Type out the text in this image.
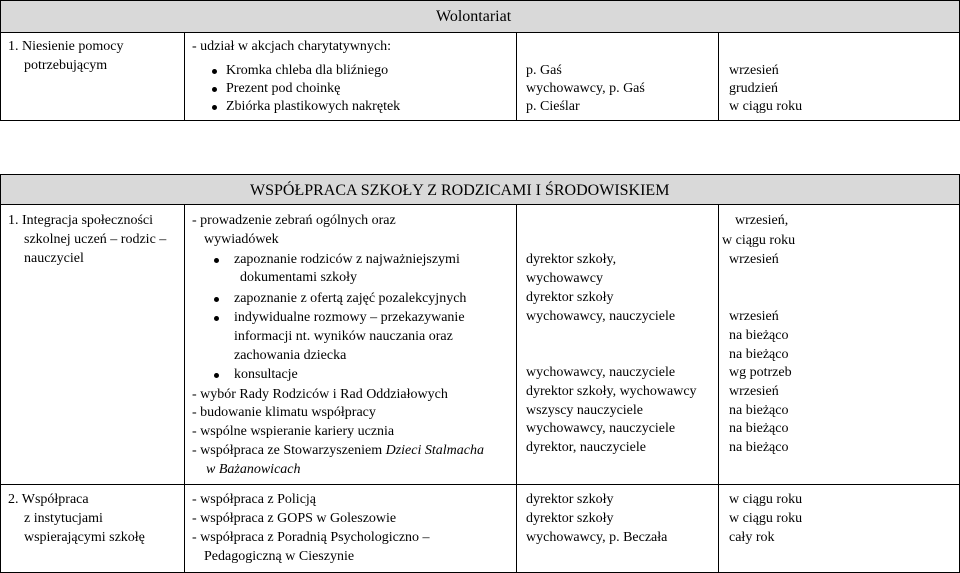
Wolontariat
1. Niesienie pomocy
potrzebującym
- udział w akcjach charytatywnych:
Kromka chleba dla bliźniego
Prezent pod choinkę
Zbiórka plastikowych nakrętek
p. Gaś
wychowawcy, p. Gaś
p. Cieślar
wrzesień
grudzień
w ciągu roku
WSPÓŁPRACA SZKOŁY Z RODZICAMI I ŚRODOWISKIEM
1. Integracja społeczności
szkolnej uczeń – rodzic –
nauczyciel
- prowadzenie zebrań ogólnych oraz
wywiadówek
zapoznanie rodziców z najważniejszymi
dokumentami szkoły
zapoznanie z ofertą zajęć pozalekcyjnych
indywidualne rozmowy – przekazywanie
informacji nt. wyników nauczania oraz
zachowania dziecka
konsultacje
- wybór Rady Rodziców i Rad Oddziałowych
- budowanie klimatu współpracy
- wspólne wspieranie kariery ucznia
- współpraca ze Stowarzyszeniem Dzieci Stalmacha
w Bażanowicach
dyrektor szkoły,
wychowawcy
dyrektor szkoły
wychowawcy, nauczyciele
wychowawcy, nauczyciele
dyrektor szkoły, wychowawcy
wszyscy nauczyciele
wychowawcy, nauczyciele
dyrektor, nauczyciele
wrzesień,
w ciągu roku
wrzesień
wrzesień
na bieżąco
na bieżąco
wg potrzeb
wrzesień
na bieżąco
na bieżąco
na bieżąco
2. Współpraca
z instytucjami
wspierającymi szkołę
- współpraca z Policją
- współpraca z GOPS w Goleszowie
- współpraca z Poradnią Psychologiczno –
Pedagogiczną w Cieszynie
dyrektor szkoły
dyrektor szkoły
wychowawcy, p. Beczała
w ciągu roku
w ciągu roku
cały rok
